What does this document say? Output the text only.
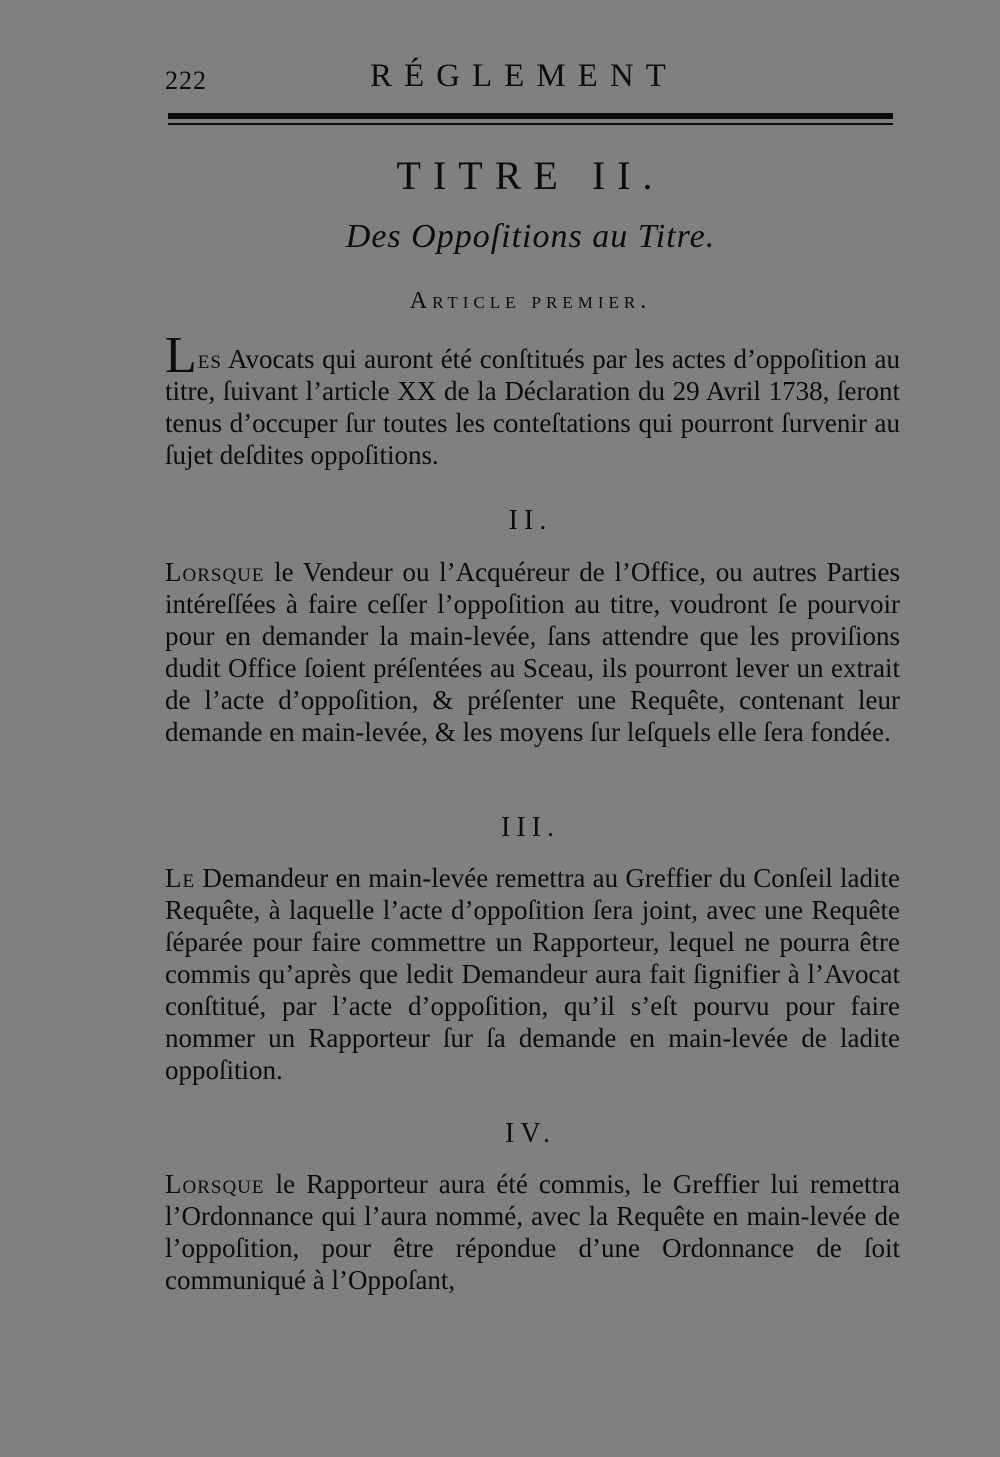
222	RÉGLEMENT
TITRE II.
Des Oppoſitions au Titre.
Article premier.

Les Avocats qui auront été conſtitués par les actes d’oppoſition au titre, ſuivant l’article XX de la Déclaration du 29 Avril 1738, ſeront tenus d’occuper ſur toutes les conteſtations qui pourront ſurvenir au ſujet deſdites oppoſitions.

II.

Lorsque le Vendeur ou l’Acquéreur de l’Office, ou autres Parties intéreſſées à faire ceſſer l’oppoſition au titre, voudront ſe pourvoir pour en demander la main-levée, ſans attendre que les proviſions dudit Office ſoient préſentées au Sceau, ils pourront lever un extrait de l’acte d’oppoſition, & préſenter une Requête, contenant leur demande en main-levée, & les moyens ſur leſquels elle ſera fondée.

III.

Le Demandeur en main-levée remettra au Greffier du Conſeil ladite Requête, à laquelle l’acte d’oppoſition ſera joint, avec une Requête ſéparée pour faire commettre un Rapporteur, lequel ne pourra être commis qu’après que ledit Demandeur aura fait ſignifier à l’Avocat conſtitué, par l’acte d’oppoſition, qu’il s’eſt pourvu pour faire nommer un Rapporteur ſur ſa demande en main-levée de ladite oppoſition.

IV.

Lorsque le Rapporteur aura été commis, le Greffier lui remettra l’Ordonnance qui l’aura nommé, avec la Requête en main-levée de l’oppoſition, pour être répondue d’une Ordonnance de ſoit communiqué à l’Oppoſant,
